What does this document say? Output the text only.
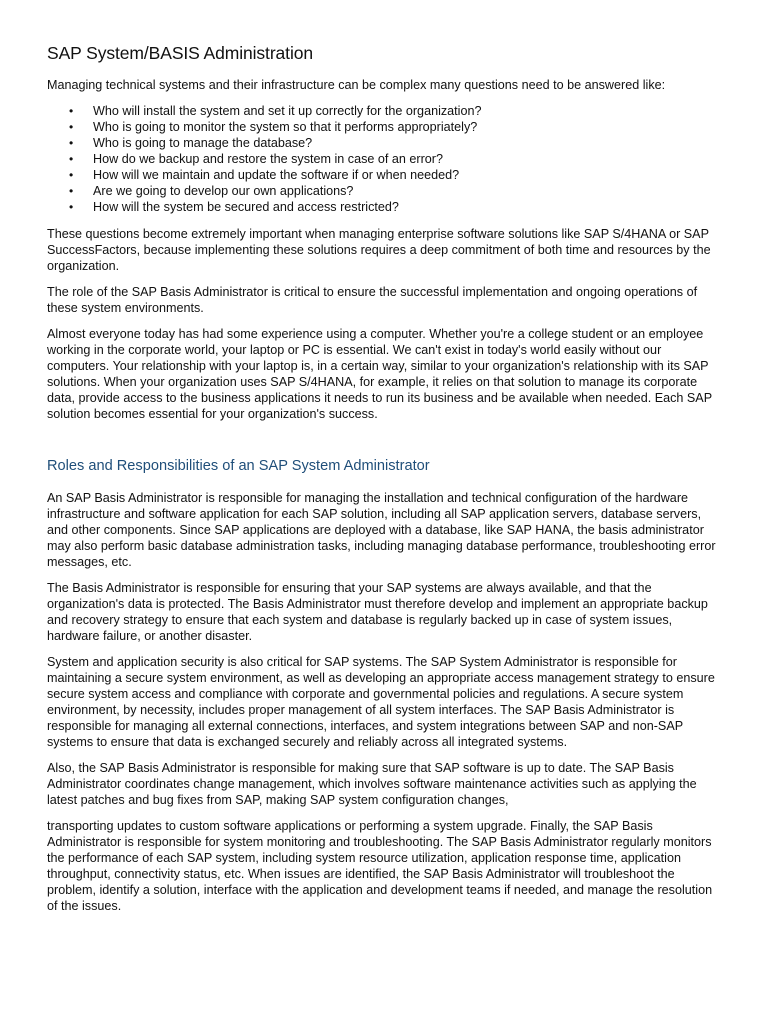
SAP System/BASIS Administration

Managing technical systems and their infrastructure can be complex many questions need to be answered like:

• Who will install the system and set it up correctly for the organization?
• Who is going to monitor the system so that it performs appropriately?
• Who is going to manage the database?
• How do we backup and restore the system in case of an error?
• How will we maintain and update the software if or when needed?
• Are we going to develop our own applications?
• How will the system be secured and access restricted?

These questions become extremely important when managing enterprise software solutions like SAP S/4HANA or SAP SuccessFactors, because implementing these solutions requires a deep commitment of both time and resources by the organization.

The role of the SAP Basis Administrator is critical to ensure the successful implementation and ongoing operations of these system environments.

Almost everyone today has had some experience using a computer. Whether you're a college student or an employee working in the corporate world, your laptop or PC is essential. We can't exist in today's world easily without our computers. Your relationship with your laptop is, in a certain way, similar to your organization's relationship with its SAP solutions. When your organization uses SAP S/4HANA, for example, it relies on that solution to manage its corporate data, provide access to the business applications it needs to run its business and be available when needed. Each SAP solution becomes essential for your organization's success.

Roles and Responsibilities of an SAP System Administrator

An SAP Basis Administrator is responsible for managing the installation and technical configuration of the hardware infrastructure and software application for each SAP solution, including all SAP application servers, database servers, and other components. Since SAP applications are deployed with a database, like SAP HANA, the basis administrator may also perform basic database administration tasks, including managing database performance, troubleshooting error messages, etc.

The Basis Administrator is responsible for ensuring that your SAP systems are always available, and that the organization's data is protected. The Basis Administrator must therefore develop and implement an appropriate backup and recovery strategy to ensure that each system and database is regularly backed up in case of system issues, hardware failure, or another disaster.

System and application security is also critical for SAP systems. The SAP System Administrator is responsible for maintaining a secure system environment, as well as developing an appropriate access management strategy to ensure secure system access and compliance with corporate and governmental policies and regulations. A secure system environment, by necessity, includes proper management of all system interfaces. The SAP Basis Administrator is responsible for managing all external connections, interfaces, and system integrations between SAP and non-SAP systems to ensure that data is exchanged securely and reliably across all integrated systems.

Also, the SAP Basis Administrator is responsible for making sure that SAP software is up to date. The SAP Basis Administrator coordinates change management, which involves software maintenance activities such as applying the latest patches and bug fixes from SAP, making SAP system configuration changes,

transporting updates to custom software applications or performing a system upgrade. Finally, the SAP Basis Administrator is responsible for system monitoring and troubleshooting. The SAP Basis Administrator regularly monitors the performance of each SAP system, including system resource utilization, application response time, application throughput, connectivity status, etc. When issues are identified, the SAP Basis Administrator will troubleshoot the problem, identify a solution, interface with the application and development teams if needed, and manage the resolution of the issues.
